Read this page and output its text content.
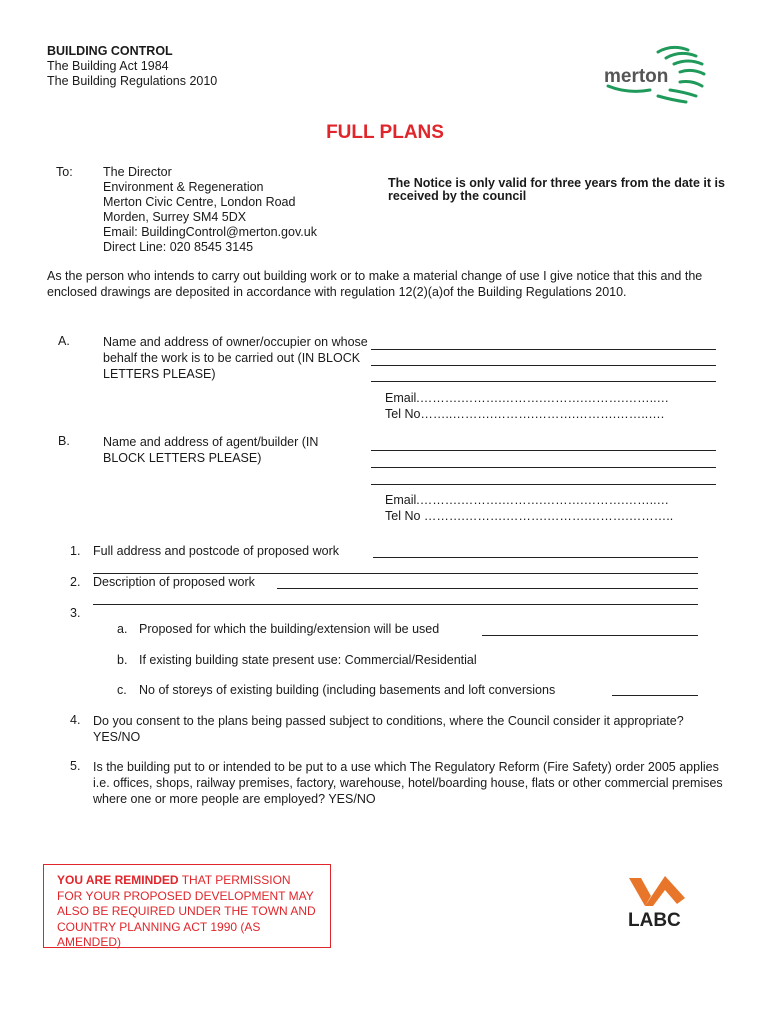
BUILDING CONTROL
The Building Act 1984
The Building Regulations 2010	merton
FULL PLANS
To: The Director
Environment & Regeneration
Merton Civic Centre, London Road
Morden, Surrey SM4 5DX
Email: BuildingControl@merton.gov.uk
Direct Line: 020 8545 3145
The Notice is only valid for three years from the date it is received by the council
As the person who intends to carry out building work or to make a material change of use I give notice that this and the enclosed drawings are deposited in accordance with regulation 12(2)(a)of the Building Regulations 2010.
A.	Name and address of owner/occupier on whose behalf the work is to be carried out (IN BLOCK LETTERS PLEASE)
Email.……….……….……….……….……….……..…
Tel No……..……….……….……….……….……..….
B.	Name and address of agent/builder (IN BLOCK LETTERS PLEASE)
Email.……….……….……….……….……….……..…
Tel No ……….……….……….……….……….………..
1. Full address and postcode of proposed work
2. Description of proposed work
3.
a. Proposed for which the building/extension will be used
b. If existing building state present use: Commercial/Residential
c. No of storeys of existing building (including basements and loft conversions
4. Do you consent to the plans being passed subject to conditions, where the Council consider it appropriate? YES/NO
5. Is the building put to or intended to be put to a use which The Regulatory Reform (Fire Safety) order 2005 applies i.e. offices, shops, railway premises, factory, warehouse, hotel/boarding house, flats or other commercial premises where one or more people are employed? YES/NO

YOU ARE REMINDED THAT PERMISSION FOR YOUR PROPOSED DEVELOPMENT MAY ALSO BE REQUIRED UNDER THE TOWN AND COUNTRY PLANNING ACT 1990 (AS AMENDED)

LABC
